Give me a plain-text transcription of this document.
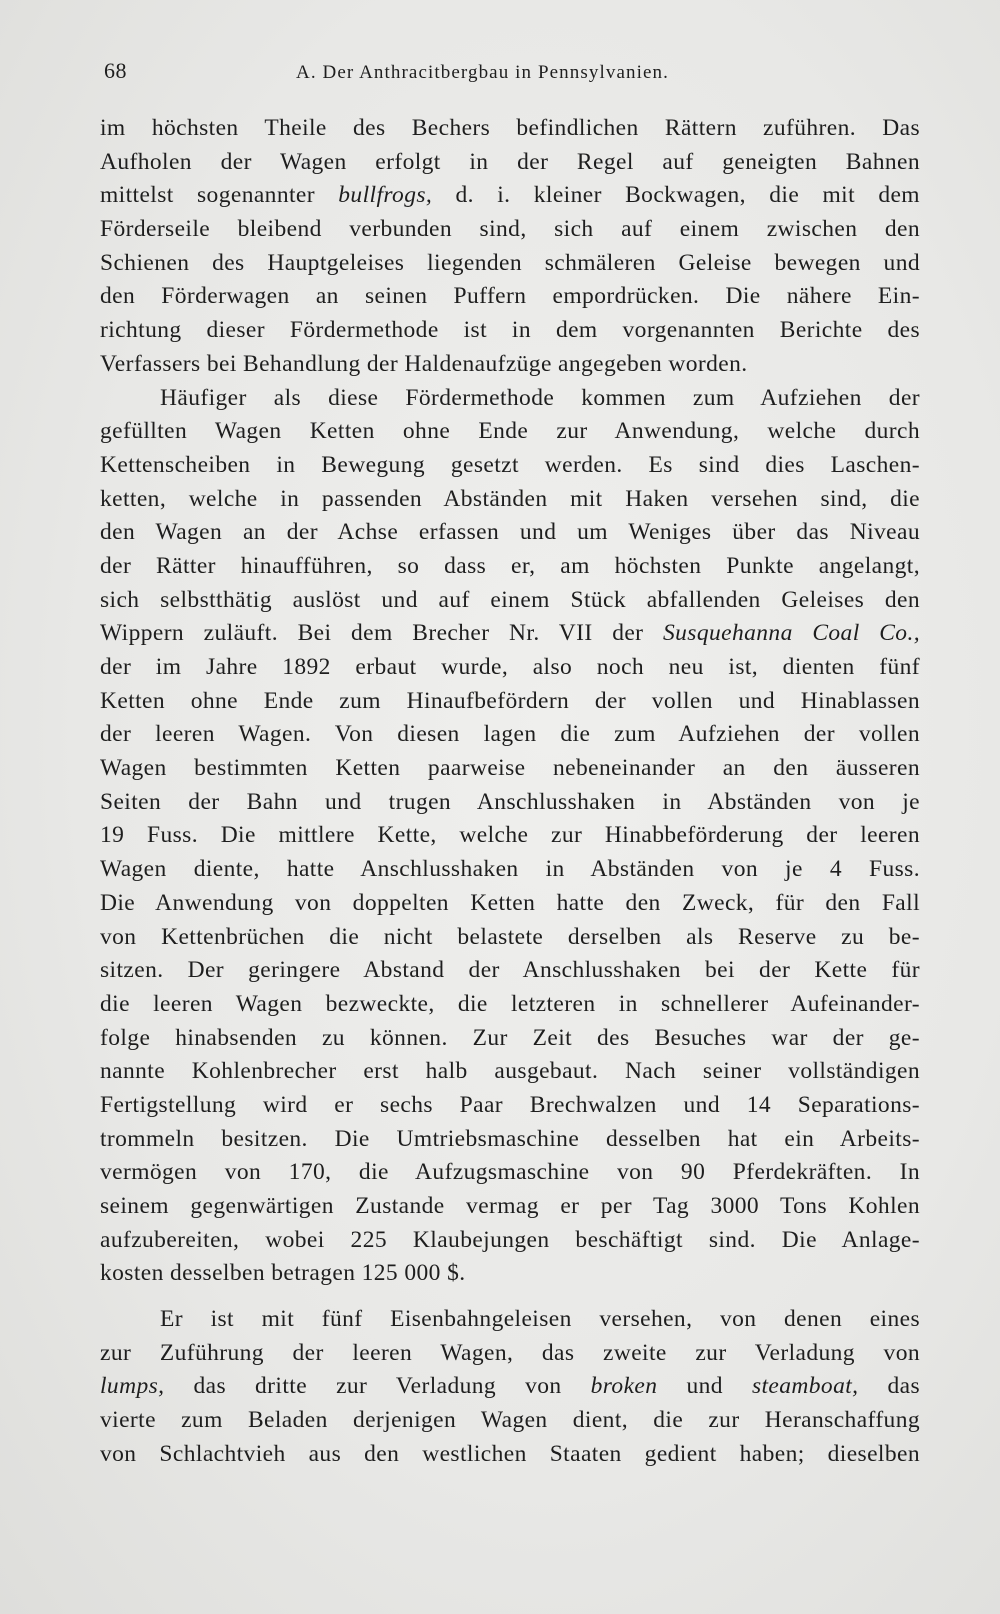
68	A. Der Anthracitbergbau in Pennsylvanien.
im höchsten Theile des Bechers befindlichen Rättern zuführen. Das
Aufholen der Wagen erfolgt in der Regel auf geneigten Bahnen
mittelst sogenannter bullfrogs, d. i. kleiner Bockwagen, die mit dem
Förderseile bleibend verbunden sind, sich auf einem zwischen den
Schienen des Hauptgeleises liegenden schmäleren Geleise bewegen und
den Förderwagen an seinen Puffern empordrücken. Die nähere Ein-
richtung dieser Fördermethode ist in dem vorgenannten Berichte des
Verfassers bei Behandlung der Haldenaufzüge angegeben worden.
Häufiger als diese Fördermethode kommen zum Aufziehen der
gefüllten Wagen Ketten ohne Ende zur Anwendung, welche durch
Kettenscheiben in Bewegung gesetzt werden. Es sind dies Laschen-
ketten, welche in passenden Abständen mit Haken versehen sind, die
den Wagen an der Achse erfassen und um Weniges über das Niveau
der Rätter hinaufführen, so dass er, am höchsten Punkte angelangt,
sich selbstthätig auslöst und auf einem Stück abfallenden Geleises den
Wippern zuläuft. Bei dem Brecher Nr. VII der Susquehanna Coal Co.,
der im Jahre 1892 erbaut wurde, also noch neu ist, dienten fünf
Ketten ohne Ende zum Hinaufbefördern der vollen und Hinablassen
der leeren Wagen. Von diesen lagen die zum Aufziehen der vollen
Wagen bestimmten Ketten paarweise nebeneinander an den äusseren
Seiten der Bahn und trugen Anschlusshaken in Abständen von je
19 Fuss. Die mittlere Kette, welche zur Hinabbeförderung der leeren
Wagen diente, hatte Anschlusshaken in Abständen von je 4 Fuss.
Die Anwendung von doppelten Ketten hatte den Zweck, für den Fall
von Kettenbrüchen die nicht belastete derselben als Reserve zu be-
sitzen. Der geringere Abstand der Anschlusshaken bei der Kette für
die leeren Wagen bezweckte, die letzteren in schnellerer Aufeinander-
folge hinabsenden zu können. Zur Zeit des Besuches war der ge-
nannte Kohlenbrecher erst halb ausgebaut. Nach seiner vollständigen
Fertigstellung wird er sechs Paar Brechwalzen und 14 Separations-
trommeln besitzen. Die Umtriebsmaschine desselben hat ein Arbeits-
vermögen von 170, die Aufzugsmaschine von 90 Pferdekräften. In
seinem gegenwärtigen Zustande vermag er per Tag 3000 Tons Kohlen
aufzubereiten, wobei 225 Klaubejungen beschäftigt sind. Die Anlage-
kosten desselben betragen 125 000 $.
Er ist mit fünf Eisenbahngeleisen versehen, von denen eines
zur Zuführung der leeren Wagen, das zweite zur Verladung von
lumps, das dritte zur Verladung von broken und steamboat, das
vierte zum Beladen derjenigen Wagen dient, die zur Heranschaffung
von Schlachtvieh aus den westlichen Staaten gedient haben; dieselben
